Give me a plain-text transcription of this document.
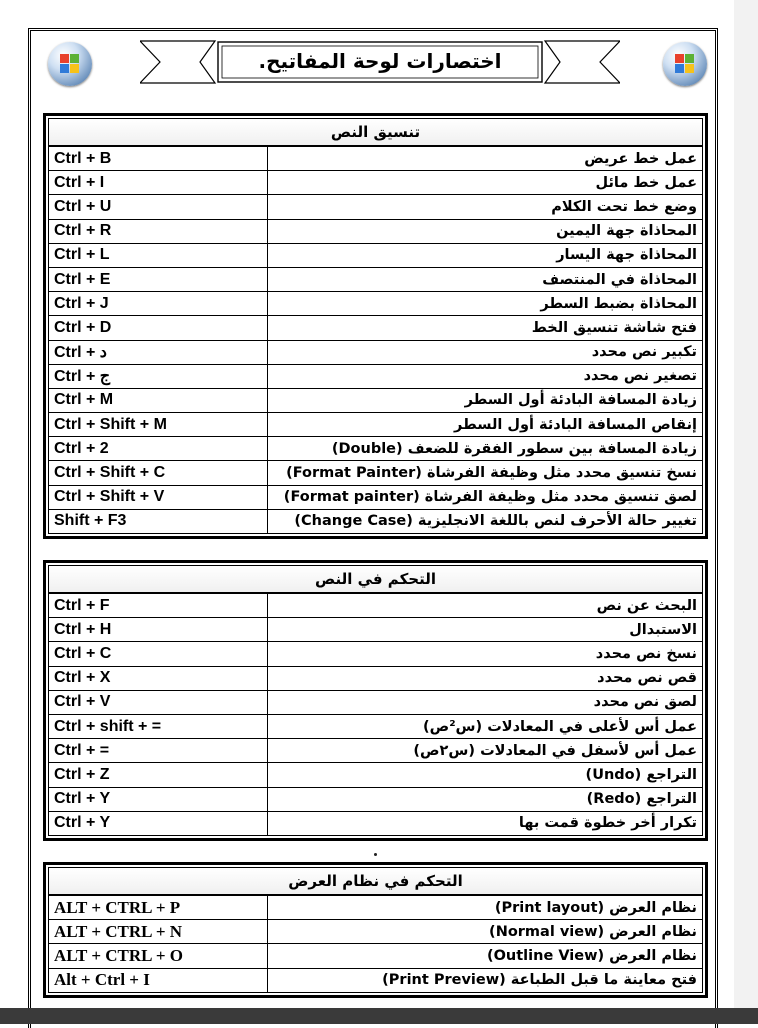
اختصارات لوحة المفاتيح.
تنسيق النص
Ctrl + B	عمل خط عريض
Ctrl + I	عمل خط مائل
Ctrl + U	وضع خط تحت الكلام
Ctrl + R	المحاذاة جهة اليمين
Ctrl + L	المحاذاة جهة اليسار
Ctrl + E	المحاذاة في المنتصف
Ctrl + J	المحاذاة بضبط السطر
Ctrl + D	فتح شاشة تنسيق الخط
Ctrl + د	تكبير نص محدد
Ctrl + ج	تصغير نص محدد
Ctrl + M	زيادة المسافة البادئة أول السطر
Ctrl + Shift + M	إنقاص المسافة البادئة أول السطر
Ctrl + 2	زيادة المسافة بين سطور الفقرة للضعف (Double)
Ctrl + Shift + C	نسخ تنسيق محدد مثل وظيفة الفرشاة (Format Painter)
Ctrl + Shift + V	لصق تنسيق محدد مثل وظيفة الفرشاة (Format painter)
Shift + F3	تغيير حالة الأحرف لنص باللغة الانجليزية (Change Case)
التحكم في النص
Ctrl + F	البحث عن نص
Ctrl + H	الاستبدال
Ctrl + C	نسخ نص محدد
Ctrl + X	قص نص محدد
Ctrl + V	لصق نص محدد
Ctrl + shift + =	عمل أس لأعلى في المعادلات (س²ص)
Ctrl + =	عمل أس لأسفل في المعادلات (س٢ص)
Ctrl + Z	التراجع (Undo)
Ctrl + Y	التراجع (Redo)
Ctrl + Y	تكرار أخر خطوة قمت بها
التحكم في نظام العرض
ALT + CTRL + P	نظام العرض (Print layout)
ALT + CTRL + N	نظام العرض (Normal view)
ALT + CTRL + O	نظام العرض (Outline View)
Alt + Ctrl + I	فتح معاينة ما قبل الطباعة (Print Preview)
